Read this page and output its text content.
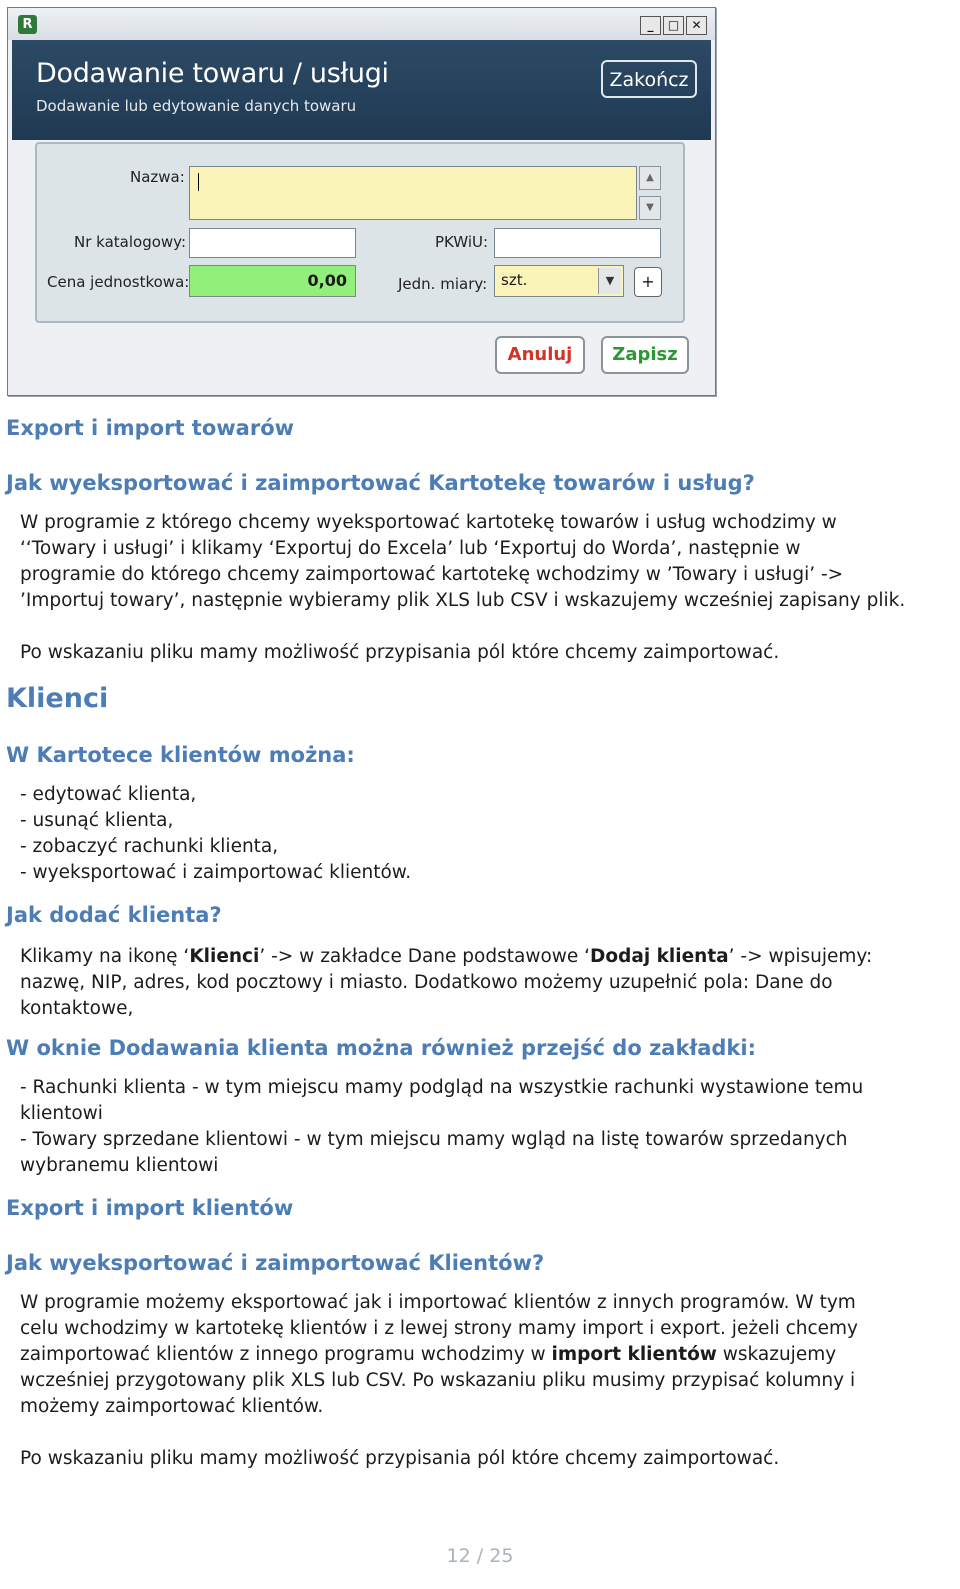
R	_	□	✕
Dodawanie towaru / usługi
Dodawanie lub edytowanie danych towaru
Zakończ
Nazwa:	▲
▼
Nr katalogowy:	PKWiU:
Cena jednostkowa:	0,00	Jedn. miary: szt.	▼	+
Anuluj	Zapisz
Export i import towarów
Jak wyeksportować i zaimportować Kartotekę towarów i usług?
W programie z którego chcemy wyeksportować kartotekę towarów i usług wchodzimy w
‘‘Towary i usługi’ i klikamy ‘Exportuj do Excela’ lub ‘Exportuj do Worda’, następnie w
programie do którego chcemy zaimportować kartotekę wchodzimy w ’Towary i usługi’ ->
’Importuj towary’, następnie wybieramy plik XLS lub CSV i wskazujemy wcześniej zapisany plik.
Po wskazaniu pliku mamy możliwość przypisania pól które chcemy zaimportować.
Klienci
W Kartotece klientów można:
- edytować klienta,
- usunąć klienta,
- zobaczyć rachunki klienta,
- wyeksportować i zaimportować klientów.
Jak dodać klienta?
Klikamy na ikonę ‘Klienci’ -> w zakładce Dane podstawowe ‘Dodaj klienta’ -> wpisujemy:
nazwę, NIP, adres, kod pocztowy i miasto. Dodatkowo możemy uzupełnić pola: Dane do
kontaktowe,
W oknie Dodawania klienta można również przejść do zakładki:
- Rachunki klienta - w tym miejscu mamy podgląd na wszystkie rachunki wystawione temu
klientowi
- Towary sprzedane klientowi - w tym miejscu mamy wgląd na listę towarów sprzedanych
wybranemu klientowi
Export i import klientów
Jak wyeksportować i zaimportować Klientów?
W programie możemy eksportować jak i importować klientów z innych programów. W tym
celu wchodzimy w kartotekę klientów i z lewej strony mamy import i export. jeżeli chcemy
zaimportować klientów z innego programu wchodzimy w import klientów wskazujemy
wcześniej przygotowany plik XLS lub CSV. Po wskazaniu pliku musimy przypisać kolumny i
możemy zaimportować klientów.
Po wskazaniu pliku mamy możliwość przypisania pól które chcemy zaimportować.
12 / 25
